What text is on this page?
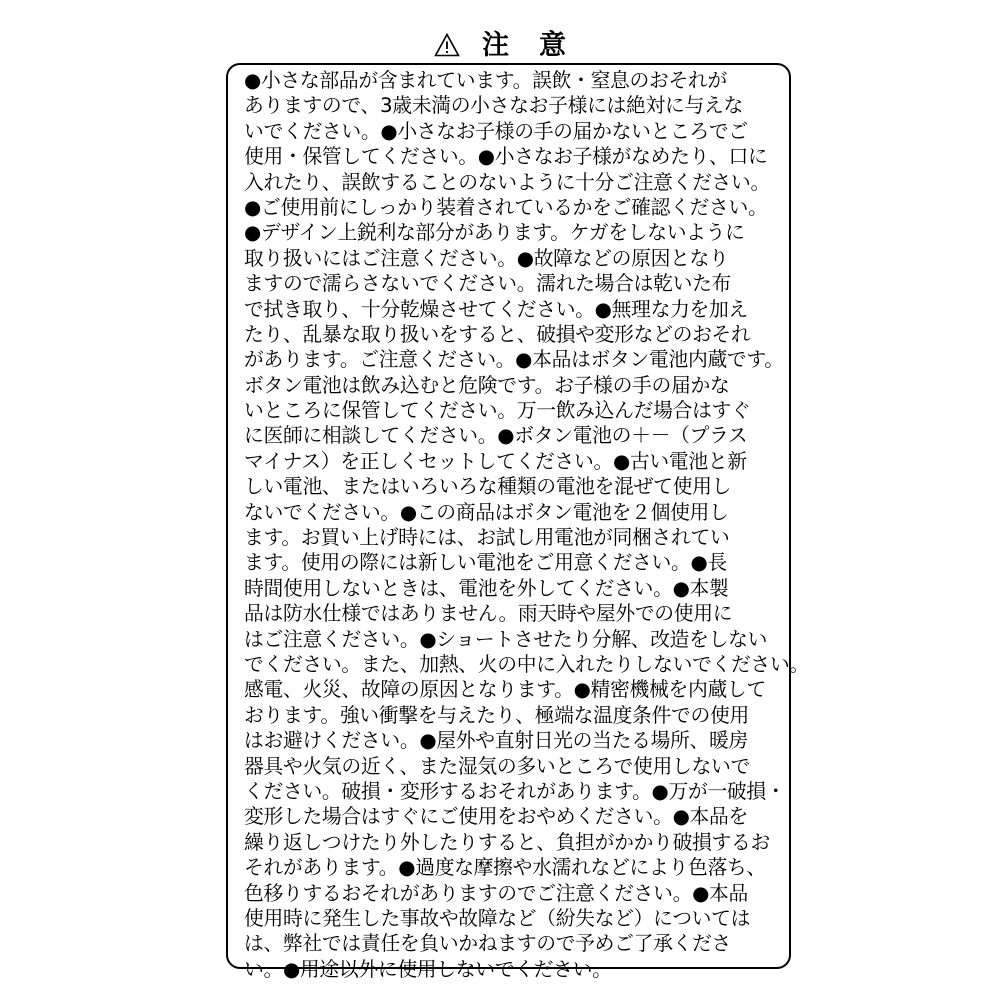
注意
●小さな部品が含まれています。誤飲・窒息のおそれが
ありますので、3歳未満の小さなお子様には絶対に与えな
いでください。●小さなお子様の手の届かないところでご
使用・保管してください。●小さなお子様がなめたり、口に
入れたり、誤飲することのないように十分ご注意ください。
●ご使用前にしっかり装着されているかをご確認ください。
●デザイン上鋭利な部分があります。ケガをしないように
取り扱いにはご注意ください。●故障などの原因となり
ますので濡らさないでください。濡れた場合は乾いた布
で拭き取り、十分乾燥させてください。●無理な力を加え
たり、乱暴な取り扱いをすると、破損や変形などのおそれ
があります。ご注意ください。●本品はボタン電池内蔵です。
ボタン電池は飲み込むと危険です。お子様の手の届かな
いところに保管してください。万一飲み込んだ場合はすぐ
に医師に相談してください。●ボタン電池の＋－（プラス
マイナス）を正しくセットしてください。●古い電池と新
しい電池、またはいろいろな種類の電池を混ぜて使用し
ないでください。●この商品はボタン電池を２個使用し
ます。お買い上げ時には、お試し用電池が同梱されてい
ます。使用の際には新しい電池をご用意ください。●長
時間使用しないときは、電池を外してください。●本製
品は防水仕様ではありません。雨天時や屋外での使用に
はご注意ください。●ショートさせたり分解、改造をしない
でください。また、加熱、火の中に入れたりしないでください。
感電、火災、故障の原因となります。●精密機械を内蔵して
おります。強い衝撃を与えたり、極端な温度条件での使用
はお避けください。●屋外や直射日光の当たる場所、暖房
器具や火気の近く、また湿気の多いところで使用しないで
ください。破損・変形するおそれがあります。●万が一破損・
変形した場合はすぐにご使用をおやめください。●本品を
繰り返しつけたり外したりすると、負担がかかり破損するお
それがあります。●過度な摩擦や水濡れなどにより色落ち、
色移りするおそれがありますのでご注意ください。●本品
使用時に発生した事故や故障など（紛失など）については
は、弊社では責任を負いかねますので予めご了承くださ
い。●用途以外に使用しないでください。
